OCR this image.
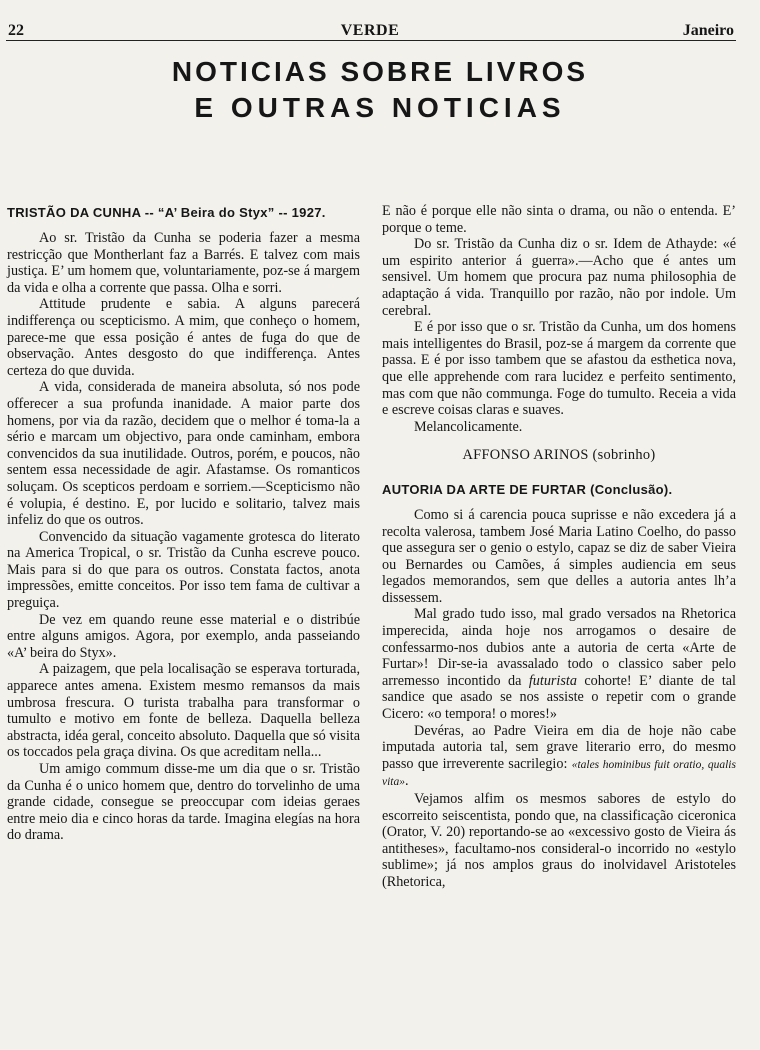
22	VERDE	Janeiro
NOTICIAS SOBRE LIVROS
E OUTRAS NOTICIAS
TRISTÃO DA CUNHA -- “A’ Beira do Styx” -- 1927.

Ao sr. Tristão da Cunha se poderia fazer a mesma restricção que Montherlant faz a Barrés. E talvez com mais justiça. E’ um homem que, voluntariamente, poz-se á margem da vida e olha a corrente que passa. Olha e sorri.

Attitude prudente e sabia. A alguns parecerá indifferença ou scepticismo. A mim, que conheço o homem, parece-me que essa posição é antes de fuga do que de observação. Antes desgosto do que indifferença. Antes certeza do que duvida.

A vida, considerada de maneira absoluta, só nos pode offerecer a sua profunda inanidade. A maior parte dos homens, por via da razão, decidem que o melhor é toma-la a sério e marcam um objectivo, para onde caminham, embora convencidos da sua inutilidade. Outros, porém, e poucos, não sentem essa necessidade de agir. Afastamse. Os romanticos soluçam. Os scepticos perdoam e sorriem.—Scepticismo não é volupia, é destino. E, por lucido e solitario, talvez mais infeliz do que os outros.

Convencido da situação vagamente grotesca do literato na America Tropical, o sr. Tristão da Cunha escreve pouco. Mais para si do que para os outros. Constata factos, anota impressões, emitte conceitos. Por isso tem fama de cultivar a preguiça.

De vez em quando reune esse material e o distribúe entre alguns amigos. Agora, por exemplo, anda passeiando «A’ beira do Styx».

A paizagem, que pela localisação se esperava torturada, apparece antes amena. Existem mesmo remansos da mais umbrosa frescura. O turista trabalha para transformar o tumulto e motivo em fonte de belleza. Daquella belleza abstracta, idéa geral, conceito absoluto. Daquella que só visita os toccados pela graça divina. Os que acreditam nella...

Um amigo commum disse-me um dia que o sr. Tristão da Cunha é o unico homem que, dentro do torvelinho de uma grande cidade, consegue se preoccupar com ideias geraes entre meio dia e cinco horas da tarde. Imagina elegías na hora do drama.

E não é porque elle não sinta o drama, ou não o entenda. E’ porque o teme.

Do sr. Tristão da Cunha diz o sr. Idem de Athayde: «é um espirito anterior á guerra».—Acho que é antes um sensivel. Um homem que procura paz numa philosophia de adaptação á vida. Tranquillo por razão, não por indole. Um cerebral.

E é por isso que o sr. Tristão da Cunha, um dos homens mais intelligentes do Brasil, poz-se á margem da corrente que passa. E é por isso tambem que se afastou da esthetica nova, que elle apprehende com rara lucidez e perfeito sentimento, mas com que não communga. Foge do tumulto. Receia a vida e escreve coisas claras e suaves.

Melancolicamente.

AFFONSO ARINOS (sobrinho)
AUTORIA DA ARTE DE FURTAR (Conclusão).

Como si á carencia pouca suprisse e não excedera já a recolta valerosa, tambem José Maria Latino Coelho, do passo que assegura ser o genio o estylo, capaz se diz de saber Vieira ou Bernardes ou Camões, á simples audiencia em seus legados memorandos, sem que delles a autoria antes lh’a dissessem.

Mal grado tudo isso, mal grado versados na Rhetorica imperecida, ainda hoje nos arrogamos o desaire de confessarmo-nos dubios ante a autoria de certa «Arte de Furtar»! Dir-se-ia avassalado todo o classico saber pelo arremesso incontido da futurista cohorte! E’ diante de tal sandice que asado se nos assiste o repetir com o grande Cicero: «o tempora! o mores!»

Devéras, ao Padre Vieira em dia de hoje não cabe imputada autoria tal, sem grave literario erro, do mesmo passo que irreverente sacrilegio: «tales hominibus fuit oratio, qualis vita».

Vejamos alfim os mesmos sabores de estylo do escorreito seiscentista, pondo que, na classificação ciceronica (Orator, V. 20) reportando-se ao «excessivo gosto de Vieira ás antitheses», facultamo-nos consideral-o incorrido no «estylo sublime»; já nos amplos graus do inolvidavel Aristoteles (Rhetorica,
